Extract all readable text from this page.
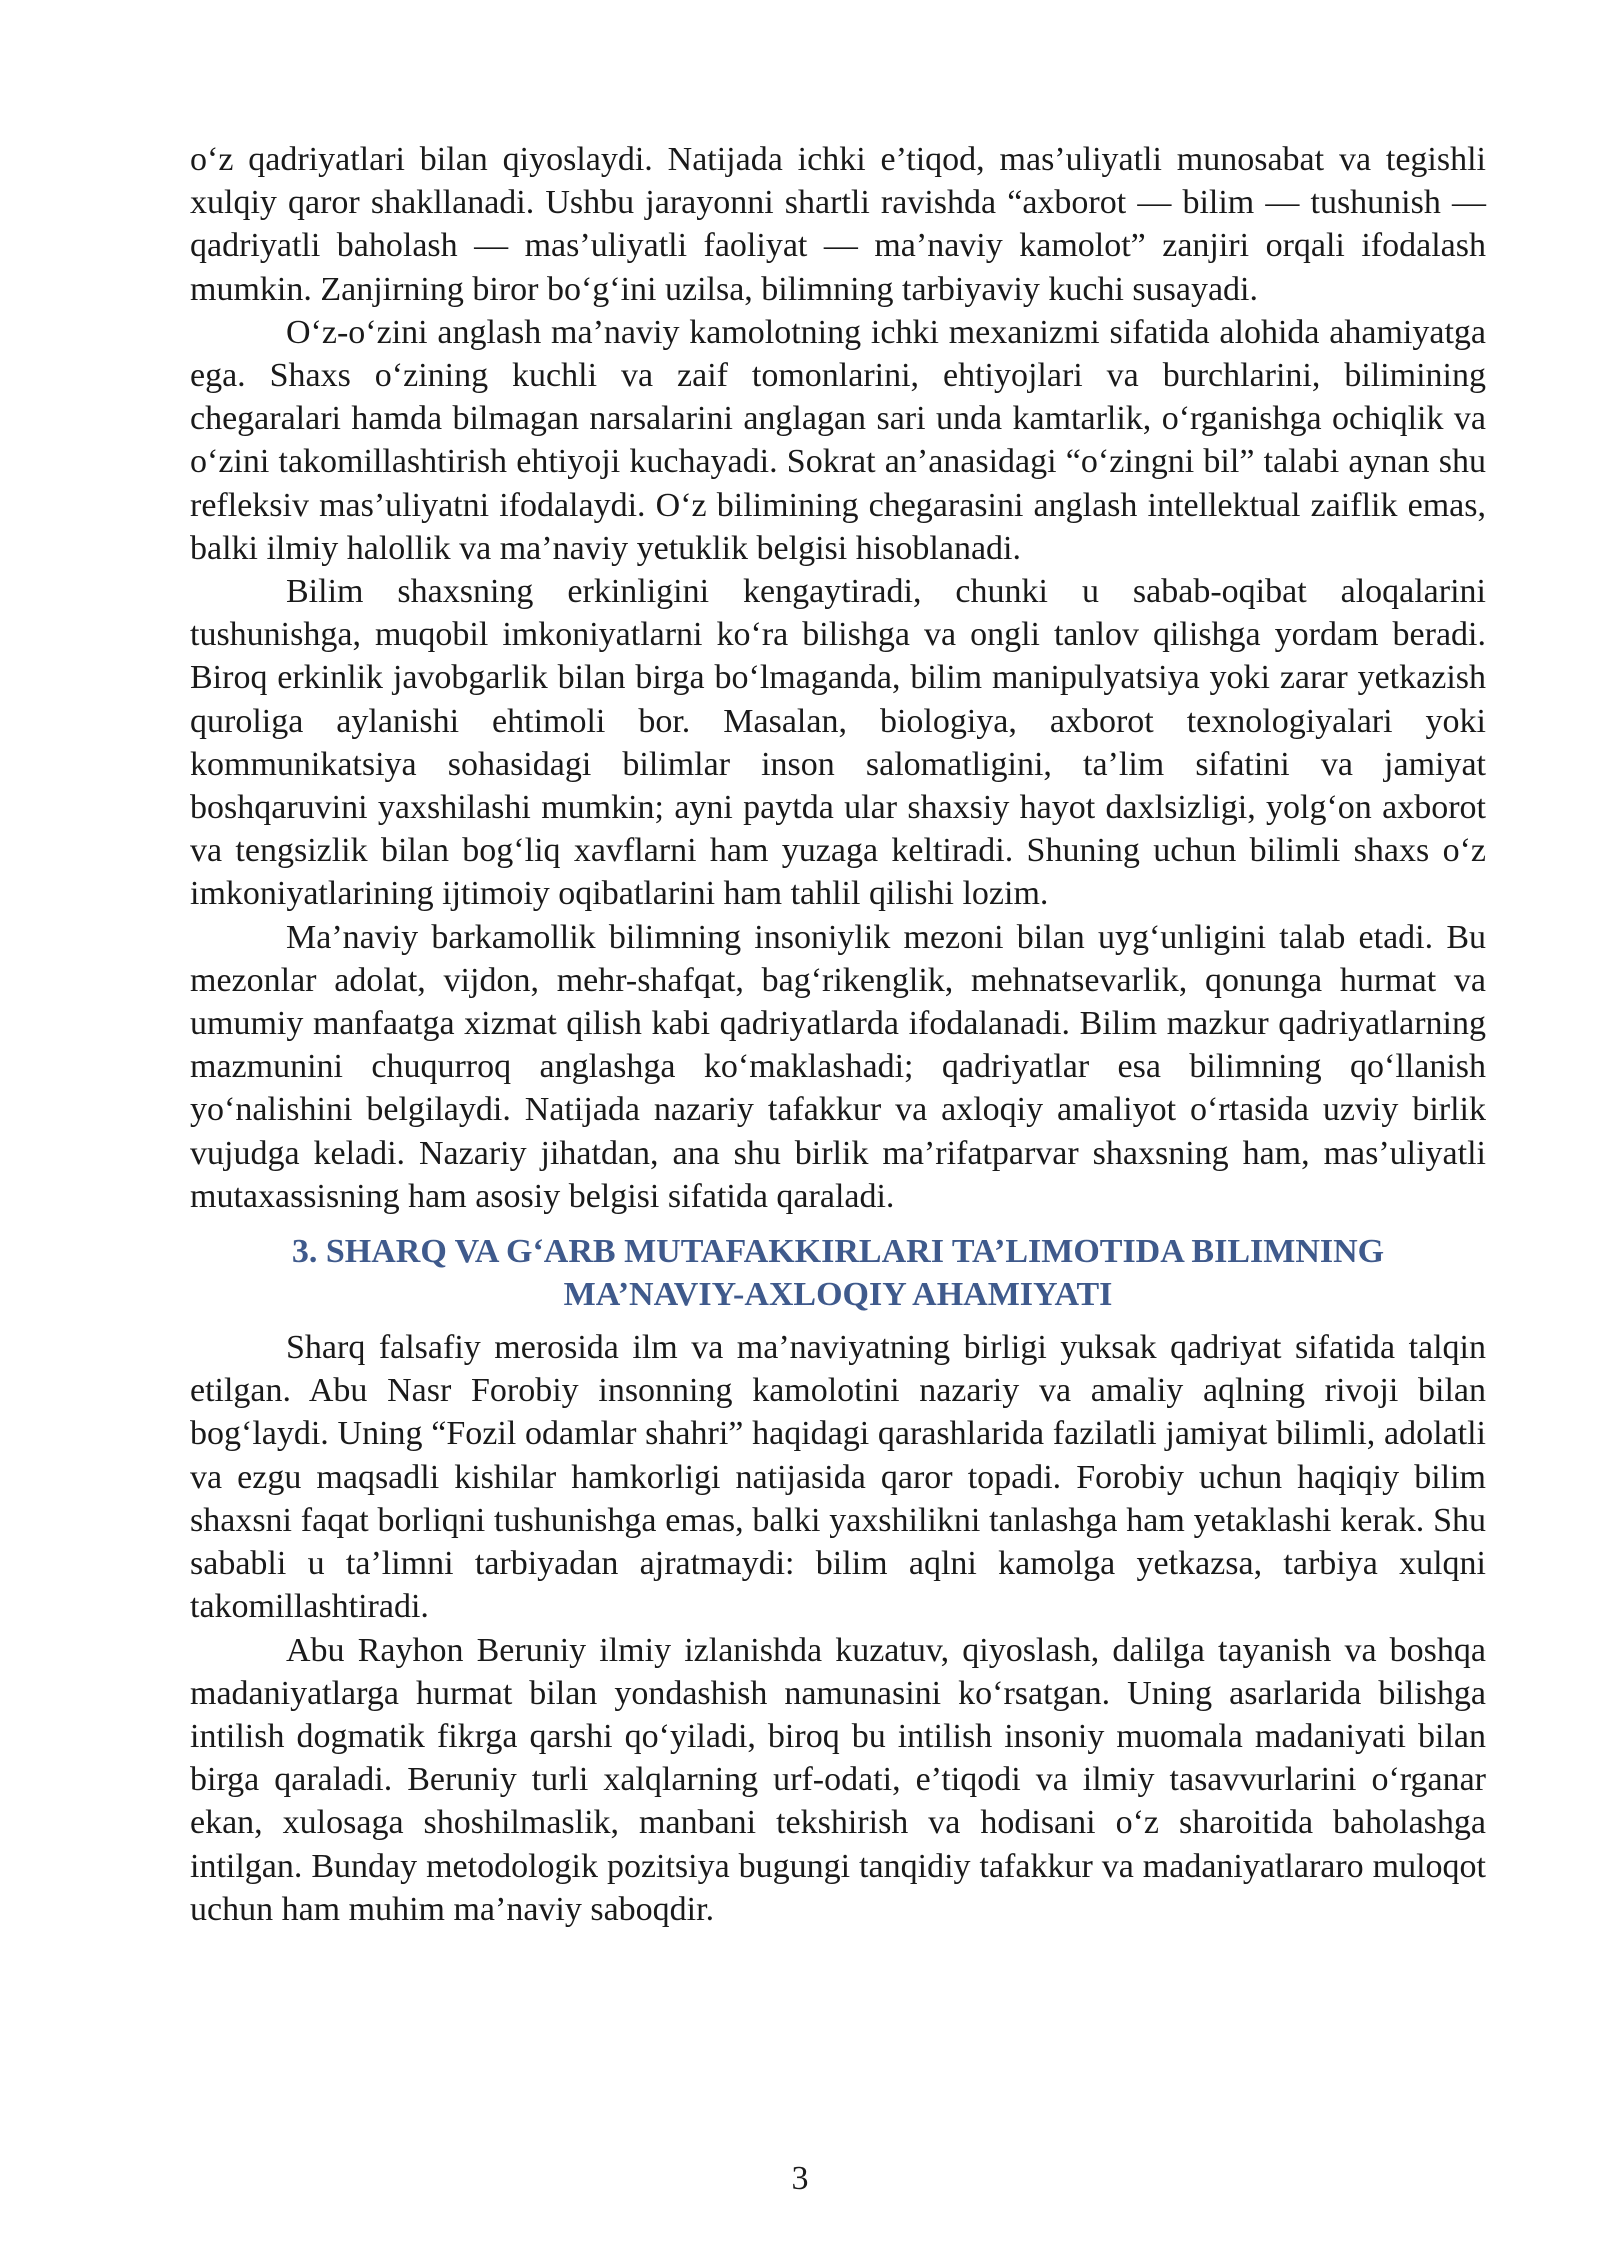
o‘z qadriyatlari bilan qiyoslaydi. Natijada ichki e’tiqod, mas’uliyatli munosabat va tegishli xulqiy qaror shakllanadi. Ushbu jarayonni shartli ravishda “axborot — bilim — tushunish — qadriyatli baholash — mas’uliyatli faoliyat — ma’naviy kamolot” zanjiri orqali ifodalash mumkin. Zanjirning biror bo‘g‘ini uzilsa, bilimning tarbiyaviy kuchi susayadi.

O‘z-o‘zini anglash ma’naviy kamolotning ichki mexanizmi sifatida alohida ahamiyatga ega. Shaxs o‘zining kuchli va zaif tomonlarini, ehtiyojlari va burchlarini, bilimining chegaralari hamda bilmagan narsalarini anglagan sari unda kamtarlik, o‘rganishga ochiqlik va o‘zini takomillashtirish ehtiyoji kuchayadi. Sokrat an’anasidagi “o‘zingni bil” talabi aynan shu refleksiv mas’uliyatni ifodalaydi. O‘z bilimining chegarasini anglash intellektual zaiflik emas, balki ilmiy halollik va ma’naviy yetuklik belgisi hisoblanadi.

Bilim shaxsning erkinligini kengaytiradi, chunki u sabab-oqibat aloqalarini tushunishga, muqobil imkoniyatlarni ko‘ra bilishga va ongli tanlov qilishga yordam beradi. Biroq erkinlik javobgarlik bilan birga bo‘lmaganda, bilim manipulyatsiya yoki zarar yetkazish quroliga aylanishi ehtimoli bor. Masalan, biologiya, axborot texnologiyalari yoki kommunikatsiya sohasidagi bilimlar inson salomatligini, ta’lim sifatini va jamiyat boshqaruvini yaxshilashi mumkin; ayni paytda ular shaxsiy hayot daxlsizligi, yolg‘on axborot va tengsizlik bilan bog‘liq xavflarni ham yuzaga keltiradi. Shuning uchun bilimli shaxs o‘z imkoniyatlarining ijtimoiy oqibatlarini ham tahlil qilishi lozim.

Ma’naviy barkamollik bilimning insoniylik mezoni bilan uyg‘unligini talab etadi. Bu mezonlar adolat, vijdon, mehr-shafqat, bag‘rikenglik, mehnatsevarlik, qonunga hurmat va umumiy manfaatga xizmat qilish kabi qadriyatlarda ifodalanadi. Bilim mazkur qadriyatlarning mazmunini chuqurroq anglashga ko‘maklashadi; qadriyatlar esa bilimning qo‘llanish yo‘nalishini belgilaydi. Natijada nazariy tafakkur va axloqiy amaliyot o‘rtasida uzviy birlik vujudga keladi. Nazariy jihatdan, ana shu birlik ma’rifatparvar shaxsning ham, mas’uliyatli mutaxassisning ham asosiy belgisi sifatida qaraladi.

3. SHARQ VA G‘ARB MUTAFAKKIRLARI TA’LIMOTIDA BILIMNING
MA’NAVIY-AXLOQIY AHAMIYATI

Sharq falsafiy merosida ilm va ma’naviyatning birligi yuksak qadriyat sifatida talqin etilgan. Abu Nasr Forobiy insonning kamolotini nazariy va amaliy aqlning rivoji bilan bog‘laydi. Uning “Fozil odamlar shahri” haqidagi qarashlarida fazilatli jamiyat bilimli, adolatli va ezgu maqsadli kishilar hamkorligi natijasida qaror topadi. Forobiy uchun haqiqiy bilim shaxsni faqat borliqni tushunishga emas, balki yaxshilikni tanlashga ham yetaklashi kerak. Shu sababli u ta’limni tarbiyadan ajratmaydi: bilim aqlni kamolga yetkazsa, tarbiya xulqni takomillashtiradi.

Abu Rayhon Beruniy ilmiy izlanishda kuzatuv, qiyoslash, dalilga tayanish va boshqa madaniyatlarga hurmat bilan yondashish namunasini ko‘rsatgan. Uning asarlarida bilishga intilish dogmatik fikrga qarshi qo‘yiladi, biroq bu intilish insoniy muomala madaniyati bilan birga qaraladi. Beruniy turli xalqlarning urf-odati, e’tiqodi va ilmiy tasavvurlarini o‘rganar ekan, xulosaga shoshilmaslik, manbani tekshirish va hodisani o‘z sharoitida baholashga intilgan. Bunday metodologik pozitsiya bugungi tanqidiy tafakkur va madaniyatlararo muloqot uchun ham muhim ma’naviy saboqdir.

3
